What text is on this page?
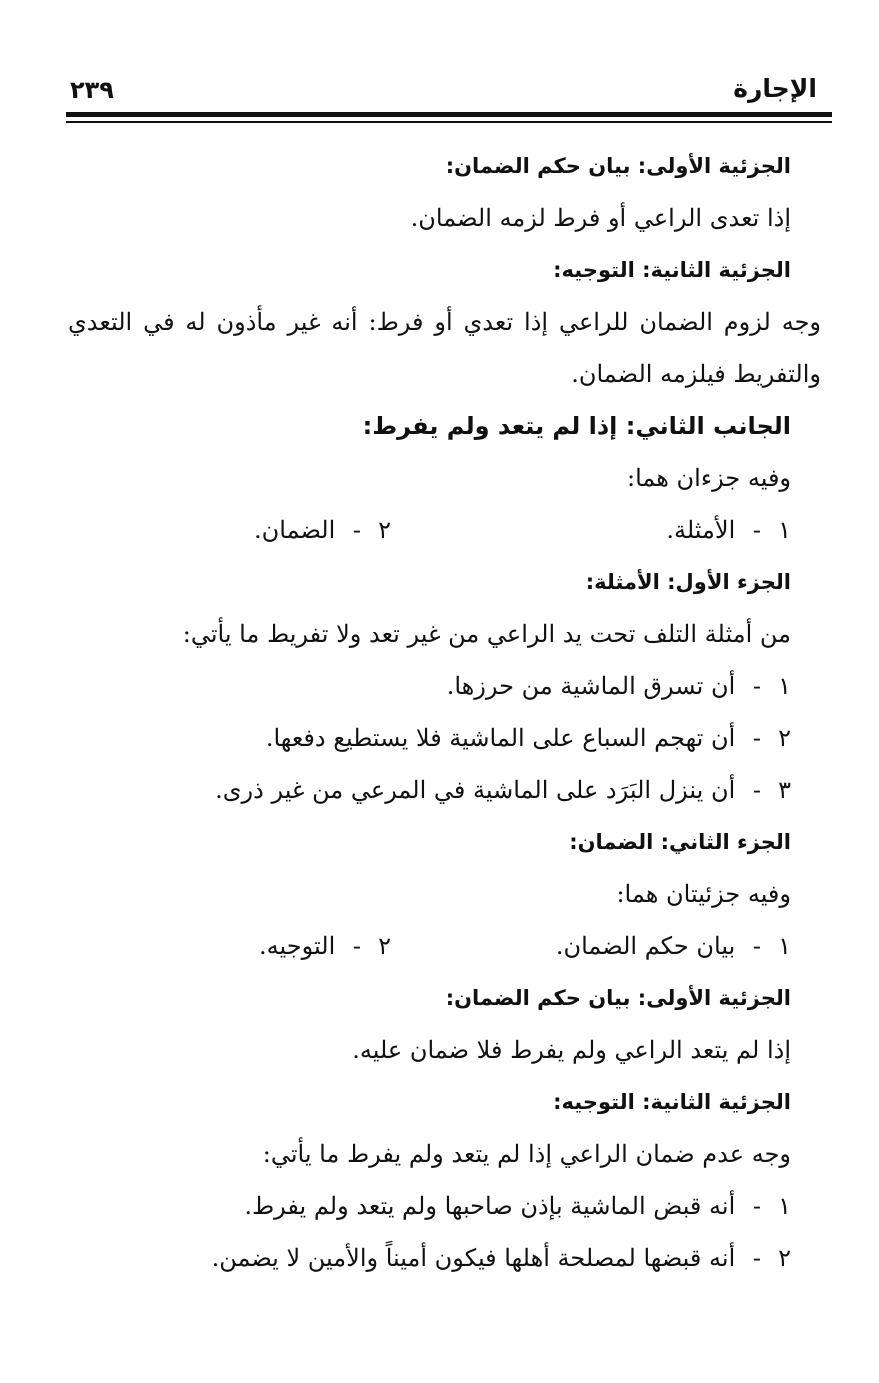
الإجارة
٢٣٩
الجزئية الأولى: بيان حكم الضمان:
إذا تعدى الراعي أو فرط لزمه الضمان.
الجزئية الثانية: التوجيه:
وجه لزوم الضمان للراعي إذا تعدي أو فرط: أنه غير مأذون له في التعدي
والتفريط فيلزمه الضمان.
الجانب الثاني: إذا لم يتعد ولم يفرط:
وفيه جزءان هما:
١- الأمثلة.
٢- الضمان.
الجزء الأول: الأمثلة:
من أمثلة التلف تحت يد الراعي من غير تعد ولا تفريط ما يأتي:
١- أن تسرق الماشية من حرزها.
٢- أن تهجم السباع على الماشية فلا يستطيع دفعها.
٣- أن ينزل البَرَد على الماشية في المرعي من غير ذرى.
الجزء الثاني: الضمان:
وفيه جزئيتان هما:
١- بيان حكم الضمان.
٢- التوجيه.
الجزئية الأولى: بيان حكم الضمان:
إذا لم يتعد الراعي ولم يفرط فلا ضمان عليه.
الجزئية الثانية: التوجيه:
وجه عدم ضمان الراعي إذا لم يتعد ولم يفرط ما يأتي:
١- أنه قبض الماشية بإذن صاحبها ولم يتعد ولم يفرط.
٢- أنه قبضها لمصلحة أهلها فيكون أميناً والأمين لا يضمن.
